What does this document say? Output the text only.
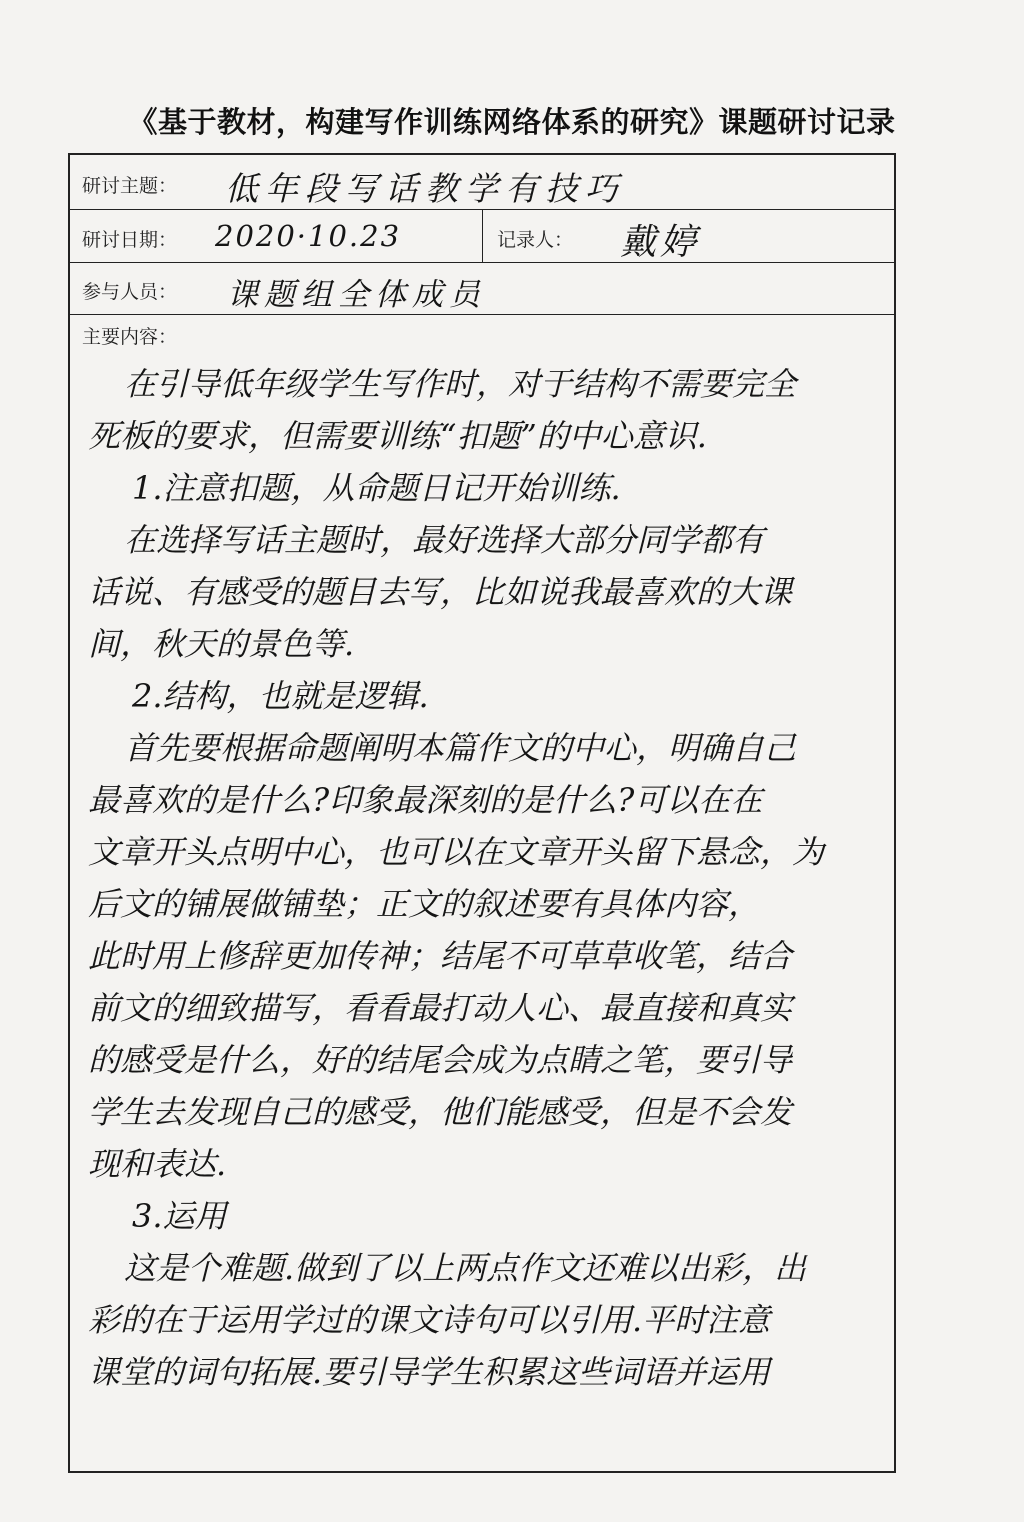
《基于教材，构建写作训练网络体系的研究》课题研讨记录
研讨主题： 低年段写话教学有技巧
研讨日期： 2020·10.23	记录人： 戴婷
参与人员： 课题组全体成员
主要内容：
在引导低年级学生写作时，对于结构不需要完全
死板的要求，但需要训练“扣题”的中心意识.
1.注意扣题，从命题日记开始训练.
在选择写话主题时，最好选择大部分同学都有
话说、有感受的题目去写，比如说我最喜欢的大课
间，秋天的景色等.
2.结构，也就是逻辑.
首先要根据命题阐明本篇作文的中心，明确自己
最喜欢的是什么?印象最深刻的是什么?可以在在
文章开头点明中心，也可以在文章开头留下悬念，为
后文的铺展做铺垫；正文的叙述要有具体内容，
此时用上修辞更加传神；结尾不可草草收笔，结合
前文的细致描写，看看最打动人心、最直接和真实
的感受是什么，好的结尾会成为点睛之笔，要引导
学生去发现自己的感受，他们能感受，但是不会发
现和表达.
3.运用
这是个难题.做到了以上两点作文还难以出彩，出
彩的在于运用学过的课文诗句可以引用.平时注意
课堂的词句拓展.要引导学生积累这些词语并运用
